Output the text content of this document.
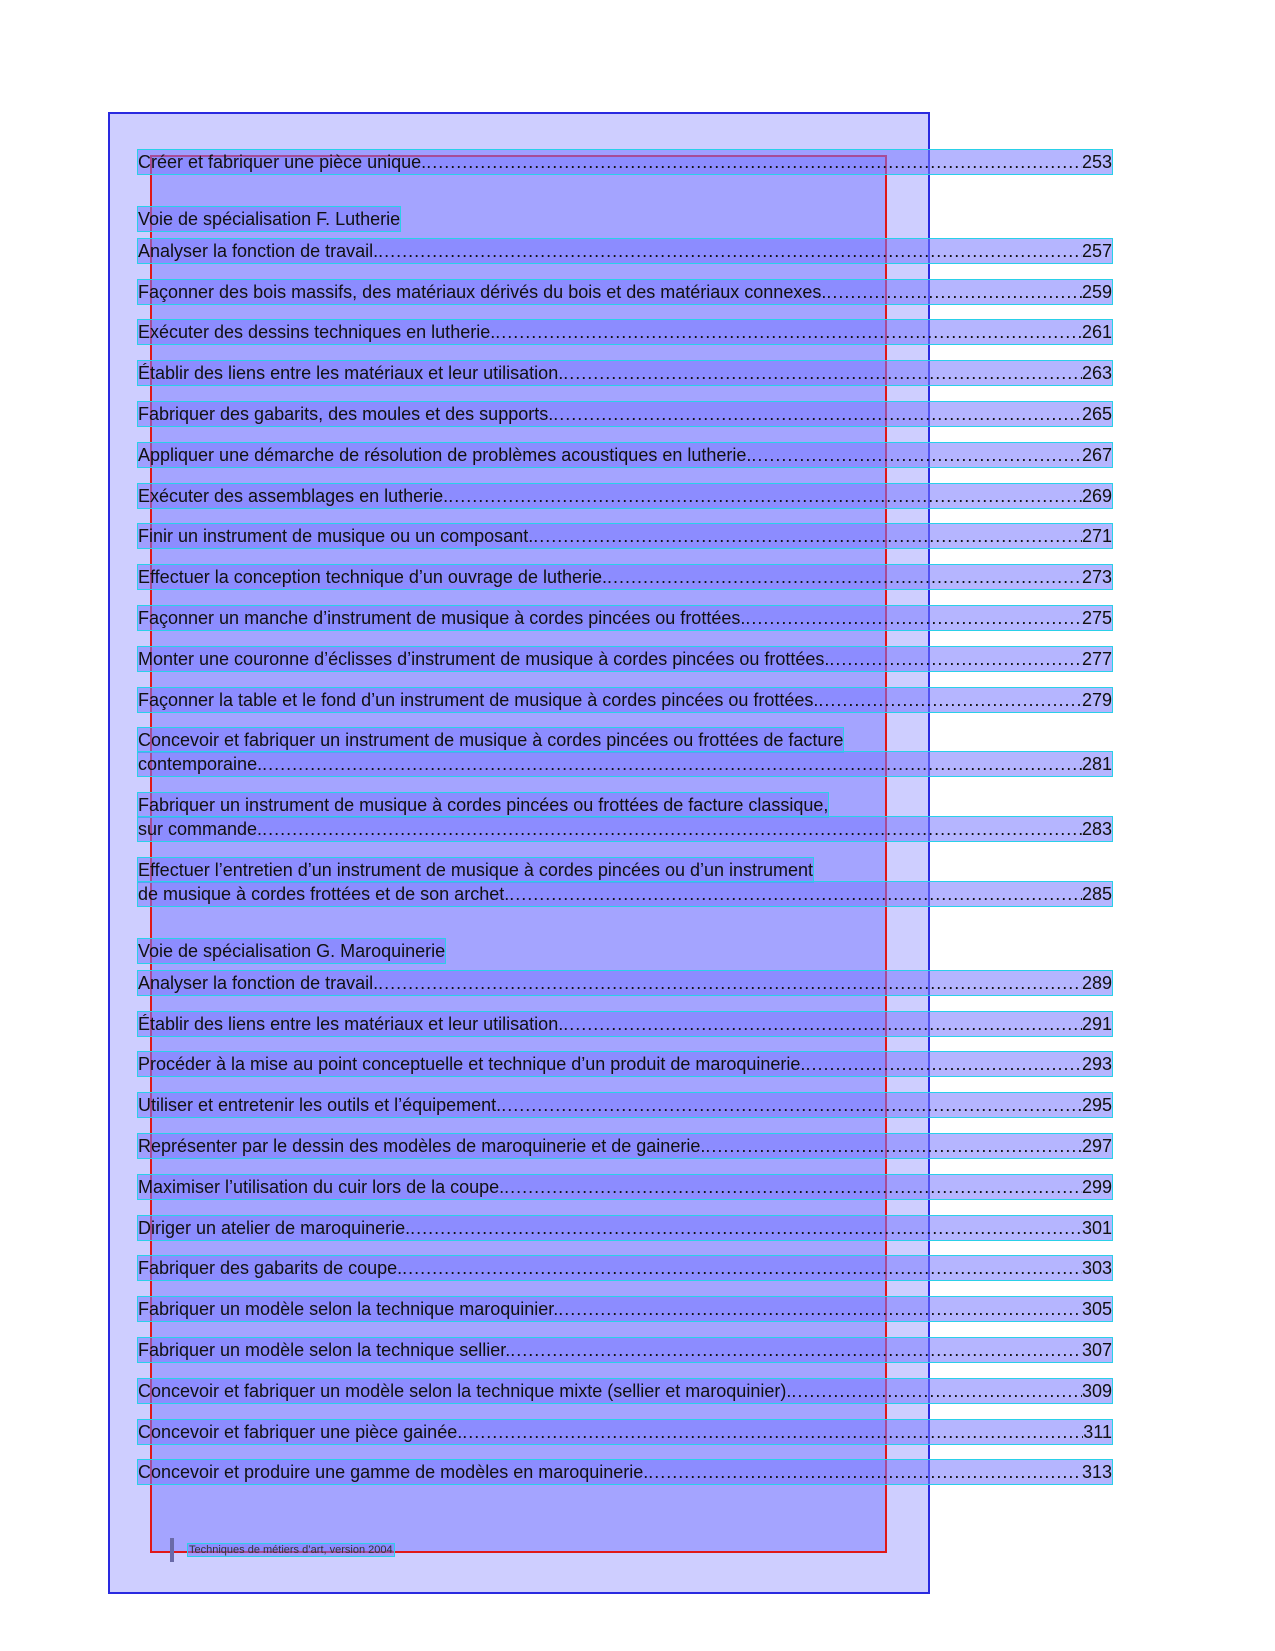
Créer et fabriquer une pièce unique. .....	253
Voie de spécialisation F. Lutherie
Analyser la fonction de travail. .....	257
Façonner des bois massifs, des matériaux dérivés du bois et des matériaux connexes. .....	259
Exécuter des dessins techniques en lutherie. .....	261
Établir des liens entre les matériaux et leur utilisation. .....	263
Fabriquer des gabarits, des moules et des supports. .....	265
Appliquer une démarche de résolution de problèmes acoustiques en lutherie. .....	267
Exécuter des assemblages en lutherie. .....	269
Finir un instrument de musique ou un composant. .....	271
Effectuer la conception technique d’un ouvrage de lutherie. .....	273
Façonner un manche d’instrument de musique à cordes pincées ou frottées. .....	275
Monter une couronne d’éclisses d’instrument de musique à cordes pincées ou frottées. .....	277
Façonner la table et le fond d’un instrument de musique à cordes pincées ou frottées. .....	279
Concevoir et fabriquer un instrument de musique à cordes pincées ou frottées de facture
contemporaine. .....	281
Fabriquer un instrument de musique à cordes pincées ou frottées de facture classique,
sur commande. .....	283
Effectuer l’entretien d’un instrument de musique à cordes pincées ou d’un instrument
de musique à cordes frottées et de son archet. .....	285
Voie de spécialisation G. Maroquinerie
Analyser la fonction de travail. .....	289
Établir des liens entre les matériaux et leur utilisation. .....	291
Procéder à la mise au point conceptuelle et technique d’un produit de maroquinerie. .....	293
Utiliser et entretenir les outils et l’équipement. .....	295
Représenter par le dessin des modèles de maroquinerie et de gainerie. .....	297
Maximiser l’utilisation du cuir lors de la coupe. .....	299
Diriger un atelier de maroquinerie. .....	301
Fabriquer des gabarits de coupe. .....	303
Fabriquer un modèle selon la technique maroquinier. .....	305
Fabriquer un modèle selon la technique sellier. .....	307
Concevoir et fabriquer un modèle selon la technique mixte (sellier et maroquinier). .....	309
Concevoir et fabriquer une pièce gainée. .....	311
Concevoir et produire une gamme de modèles en maroquinerie. .....	313
Techniques de métiers d’art, version 2004
